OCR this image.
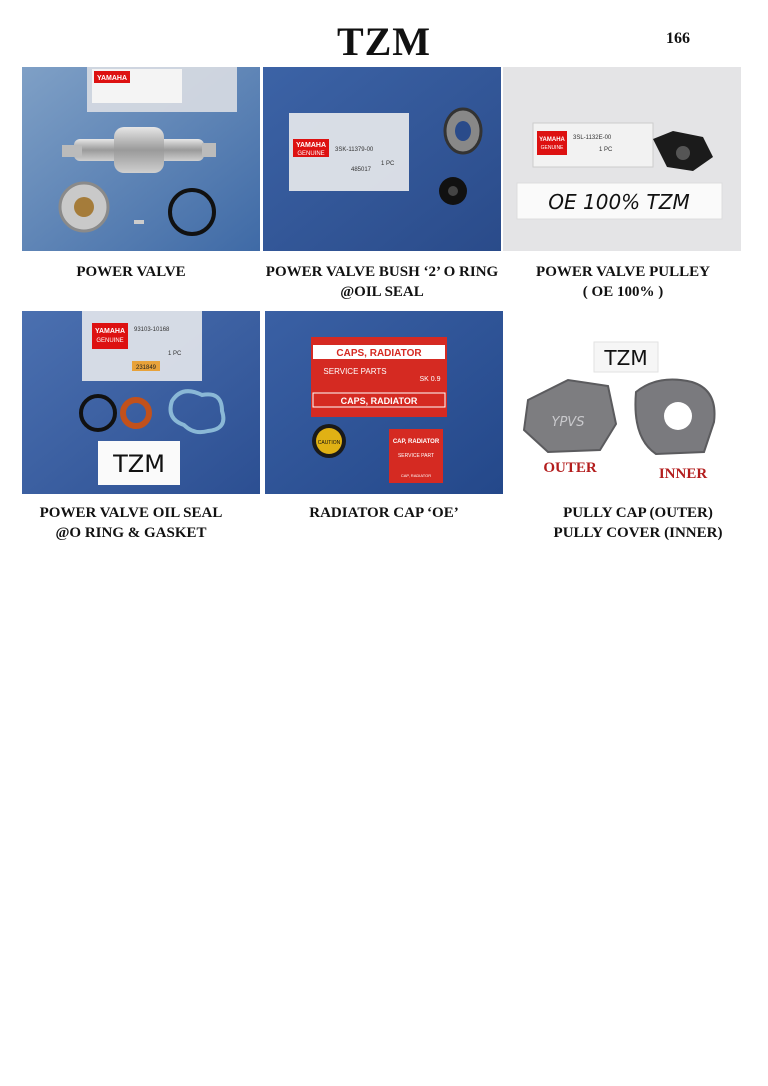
TZM	166
YAMAHA
POWER VALVE
YAMAHA
GENUINE
3SK-11379-00
1 PC
485017
POWER VALVE BUSH ‘2’ O RING
@OIL SEAL
YAMAHA
GENUINE
3SL-1132E-00
1 PC
OE 100% TZM
POWER VALVE PULLEY
( OE 100% )
YAMAHA
GENUINE
93103-10168
1 PC
231849
TZM
POWER VALVE OIL SEAL
@O RING & GASKET
CAPS, RADIATOR
SERVICE PARTS
SK 0.9
CAPS, RADIATOR
CAUTION	CAP, RADIATOR
SERVICE PART
CAP, RADIATOR
RADIATOR CAP ‘OE’
TZM
YPVS
OUTER	INNER
PULLY CAP (OUTER)
PULLY COVER (INNER)
